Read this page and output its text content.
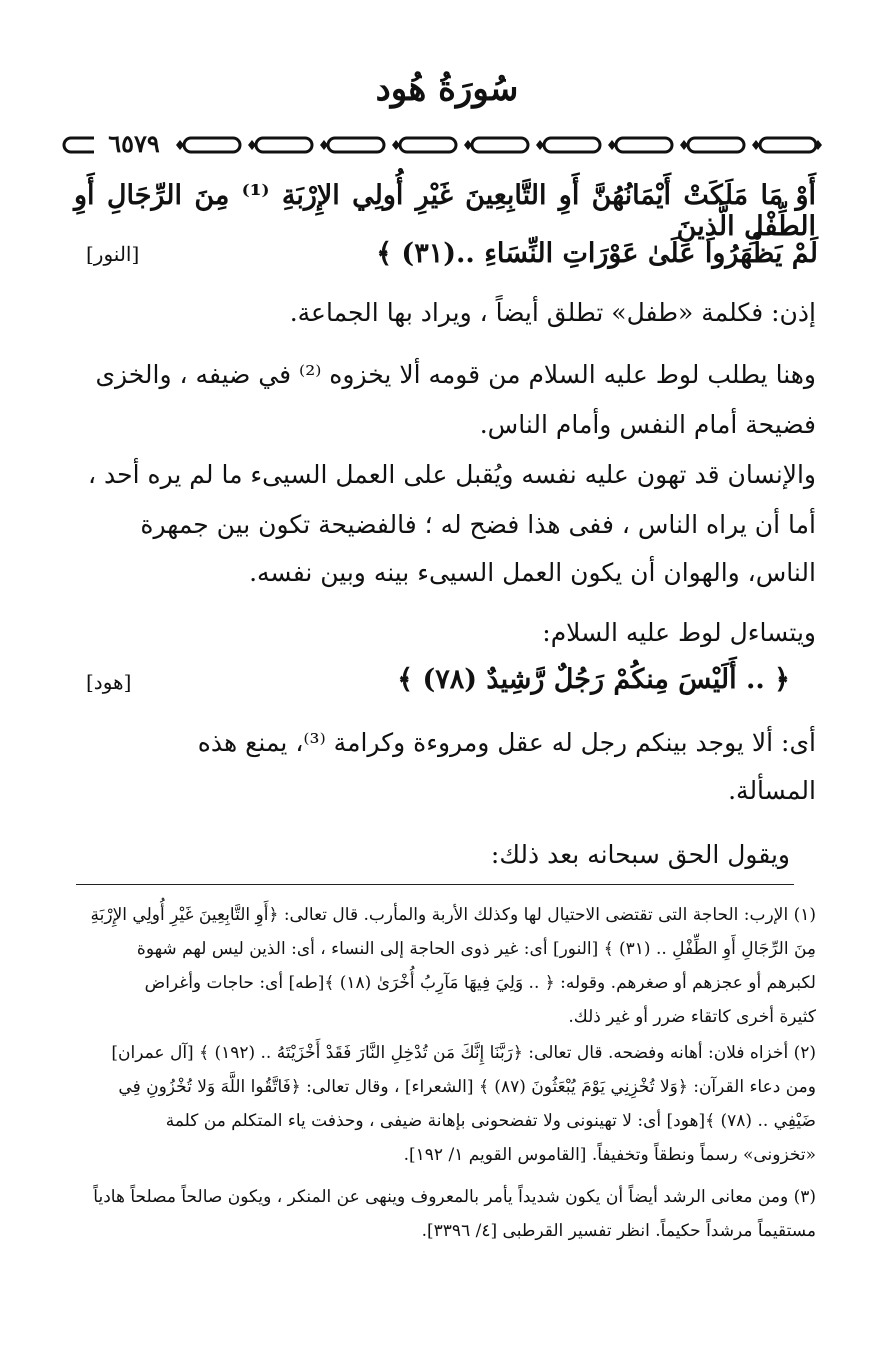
سُورَةُ هُود
٦٥٧٩
أَوْ مَا مَلَكَتْ أَيْمَانُهُنَّ أَوِ التَّابِعِينَ غَيْرِ أُولِي الإِرْبَةِ ⁽¹⁾ مِنَ الرِّجَالِ أَوِ الطِّفْلِ الَّذِينَ
لَمْ يَظْهَرُوا عَلَىٰ عَوْرَاتِ النِّسَاءِ ..(٣١) ﴾
[النور]
إذن: فكلمة «طفل» تطلق أيضاً ، ويراد بها الجماعة.
وهنا يطلب لوط عليه السلام من قومه ألا يخزوه ⁽²⁾ في ضيفه ، والخزى
فضيحة أمام النفس وأمام الناس.
والإنسان قد تهون عليه نفسه ويُقبل على العمل السيىء ما لم يره أحد ،
أما أن يراه الناس ، ففى هذا فضح له ؛ فالفضيحة تكون بين جمهرة
الناس، والهوان أن يكون العمل السيىء بينه وبين نفسه.
ويتساءل لوط عليه السلام:
﴿ .. أَلَيْسَ مِنكُمْ رَجُلٌ رَّشِيدٌ (٧٨) ﴾
[هود]
أى: ألا يوجد بينكم رجل له عقل ومروءة وكرامة ⁽³⁾، يمنع هذه
المسألة.
ويقول الحق سبحانه بعد ذلك:
(١) الإرب: الحاجة التى تقتضى الاحتيال لها وكذلك الأربة والمأرب. قال تعالى: ﴿أَوِ التَّابِعِينَ غَيْرِ أُولِي الإِرْبَةِ
مِنَ الرِّجَالِ أَوِ الطِّفْلِ .. (٣١) ﴾ [النور] أى: غير ذوى الحاجة إلى النساء ، أى: الذين ليس لهم شهوة
لكبرهم أو عجزهم أو صغرهم. وقوله: ﴿ .. وَلِيَ فِيهَا مَآرِبُ أُخْرَىٰ (١٨) ﴾[طه] أى: حاجات وأغراض
كثيرة أخرى كاتقاء ضرر أو غير ذلك.
(٢) أخزاه فلان: أهانه وفضحه. قال تعالى: ﴿رَبَّنَا إِنَّكَ مَن تُدْخِلِ النَّارَ فَقَدْ أَخْزَيْتَهُ .. (١٩٢) ﴾ [آل عمران]
ومن دعاء القرآن: ﴿وَلا تُخْزِنِي يَوْمَ يُبْعَثُونَ (٨٧) ﴾ [الشعراء] ، وقال تعالى: ﴿فَاتَّقُوا اللَّهَ وَلا تُخْزُونِ فِي
ضَيْفِي .. (٧٨) ﴾[هود] أى: لا تهينونى ولا تفضحونى بإهانة ضيفى ، وحذفت ياء المتكلم من كلمة
«تخزونى» رسماً ونطقاً وتخفيفاً. [القاموس القويم ١/ ١٩٢].
(٣) ومن معانى الرشد أيضاً أن يكون شديداً يأمر بالمعروف وينهى عن المنكر ، ويكون صالحاً مصلحاً هادياً
مستقيماً مرشداً حكيماً. انظر تفسير القرطبى [٤/ ٣٣٩٦].
